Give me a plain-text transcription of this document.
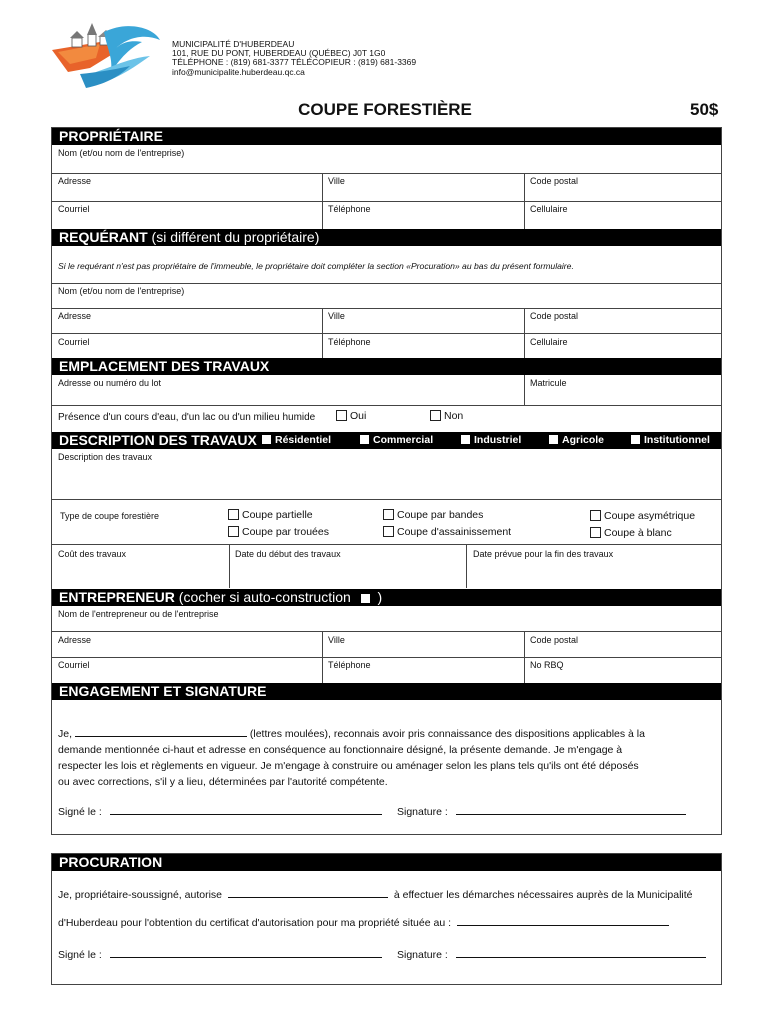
MUNICIPALITÉ D'HUBERDEAU
101, RUE DU PONT, HUBERDEAU (QUÉBEC) J0T 1G0
TÉLÉPHONE : (819) 681-3377 TÉLÉCOPIEUR : (819) 681-3369
info@municipalite.huberdeau.qc.ca
COUPE FORESTIÈRE	50$
PROPRIÉTAIRE
Nom (et/ou nom de l'entreprise)
Adresse	Ville	Code postal
Courriel	Téléphone	Cellulaire
REQUÉRANT (si différent du propriétaire)
Si le requérant n'est pas propriétaire de l'immeuble, le propriétaire doit compléter la section «Procuration» au bas du présent formulaire.
Nom (et/ou nom de l'entreprise)
Adresse	Ville	Code postal
Courriel	Téléphone	Cellulaire
EMPLACEMENT DES TRAVAUX
Adresse ou numéro du lot	Matricule
Présence d'un cours d'eau, d'un lac ou d'un milieu humide	Oui	Non
DESCRIPTION DES TRAVAUX	Résidentiel	Commercial	Industriel	Agricole	Institutionnel
Description des travaux
Type de coupe forestière	Coupe partielle
Coupe par trouées
Coupe par bandes
Coupe d'assainissement
Coupe asymétrique
Coupe à blanc
Coût des travaux	Date du début des travaux	Date prévue pour la fin des travaux
ENTREPRENEUR (cocher si auto-construction  )
Nom de l'entrepreneur ou de l'entreprise
Adresse	Ville	Code postal
Courriel	Téléphone	No RBQ
ENGAGEMENT ET SIGNATURE
Je,	(lettres moulées), reconnais avoir pris connaissance des dispositions applicables à la
demande mentionnée ci-haut et adresse en conséquence au fonctionnaire désigné, la présente demande. Je m'engage à
respecter les lois et règlements en vigueur. Je m'engage à construire ou aménager selon les plans tels qu'ils ont été déposés
ou avec corrections, s'il y a lieu, déterminées par l'autorité compétente.
Signé le :	Signature :
PROCURATION
Je, propriétaire-soussigné, autorise	à effectuer les démarches nécessaires auprès de la Municipalité
d'Huberdeau pour l'obtention du certificat d'autorisation pour ma propriété située au :
Signé le :	Signature :
